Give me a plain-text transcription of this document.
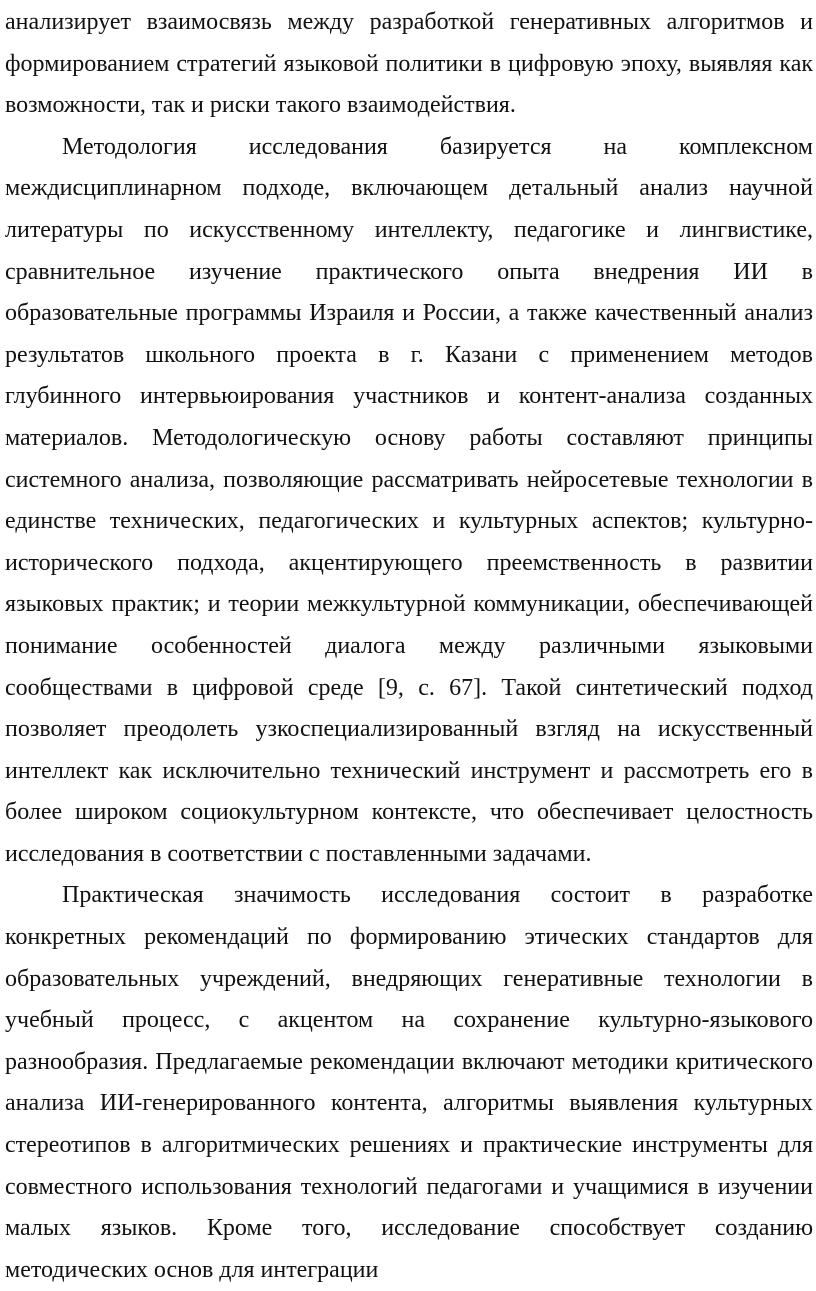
анализирует взаимосвязь между разработкой генеративных алгоритмов и формированием стратегий языковой политики в цифровую эпоху, выявляя как возможности, так и риски такого взаимодействия.

Методология исследования базируется на комплексном междисциплинарном подходе, включающем детальный анализ научной литературы по искусственному интеллекту, педагогике и лингвистике, сравнительное изучение практического опыта внедрения ИИ в образовательные программы Израиля и России, а также качественный анализ результатов школьного проекта в г. Казани с применением методов глубинного интервьюирования участников и контент-анализа созданных материалов. Методологическую основу работы составляют принципы системного анализа, позволяющие рассматривать нейросетевые технологии в единстве технических, педагогических и культурных аспектов; культурно-исторического подхода, акцентирующего преемственность в развитии языковых практик; и теории межкультурной коммуникации, обеспечивающей понимание особенностей диалога между различными языковыми сообществами в цифровой среде [9, с. 67]. Такой синтетический подход позволяет преодолеть узкоспециализированный взгляд на искусственный интеллект как исключительно технический инструмент и рассмотреть его в более широком социокультурном контексте, что обеспечивает целостность исследования в соответствии с поставленными задачами.

Практическая значимость исследования состоит в разработке конкретных рекомендаций по формированию этических стандартов для образовательных учреждений, внедряющих генеративные технологии в учебный процесс, с акцентом на сохранение культурно-языкового разнообразия. Предлагаемые рекомендации включают методики критического анализа ИИ-генерированного контента, алгоритмы выявления культурных стереотипов в алгоритмических решениях и практические инструменты для совместного использования технологий педагогами и учащимися в изучении малых языков. Кроме того, исследование способствует созданию методических основ для интеграции
